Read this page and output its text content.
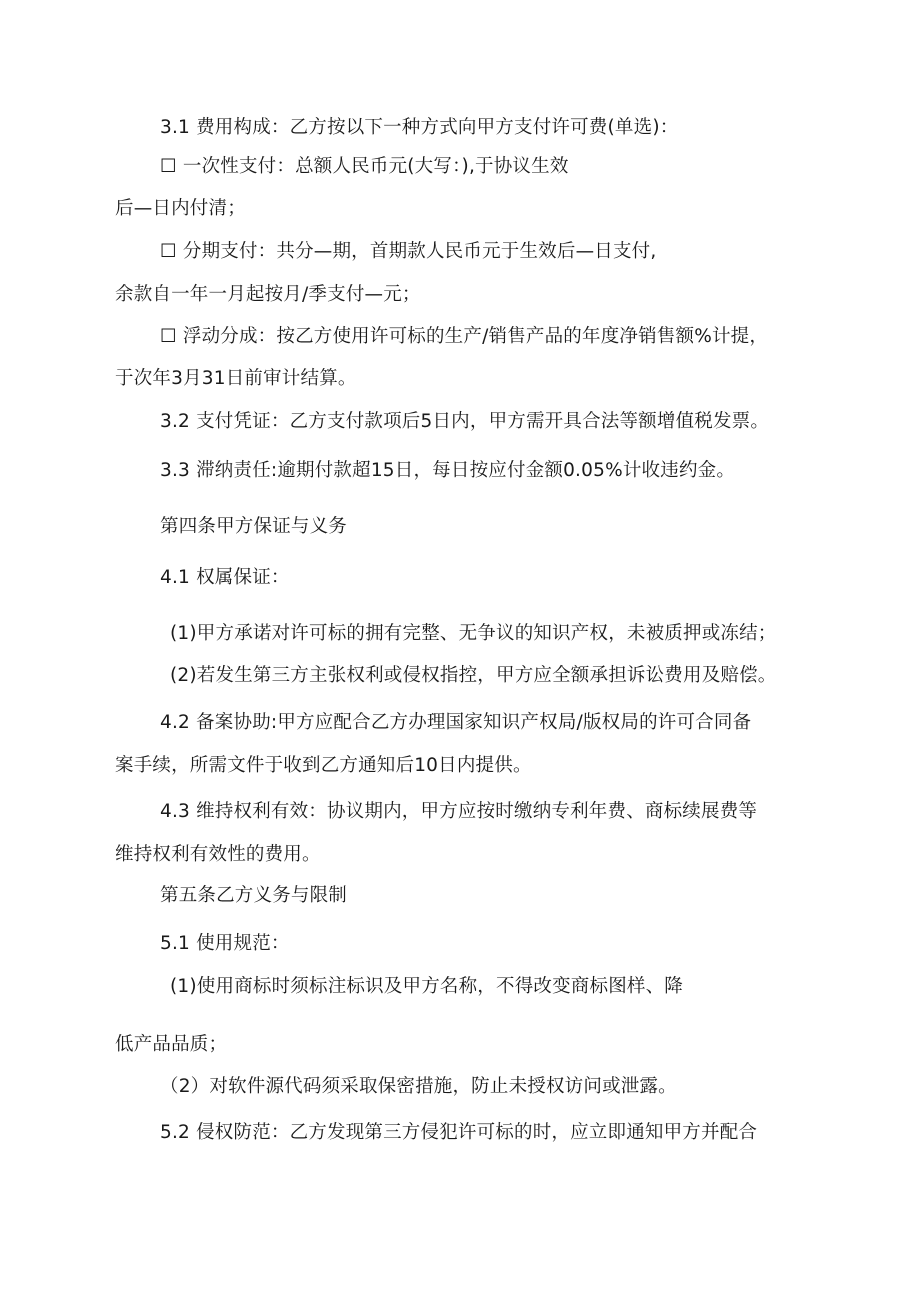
3.1 费用构成：乙方按以下一种方式向甲方支付许可费(单选)：
☐ 一次性支付：总额人民币元(大写：),于协议生效
后—日内付清；
☐ 分期支付：共分—期，首期款人民币元于生效后—日支付,
余款自一年一月起按月/季支付—元；
☐ 浮动分成：按乙方使用许可标的生产/销售产品的年度净销售额%计提，
于次年3月31日前审计结算。
3.2 支付凭证：乙方支付款项后5日内，甲方需开具合法等额增值税发票。
3.3 滞纳责任:逾期付款超15日，每日按应付金额0.05%计收违约金。
第四条甲方保证与义务
4.1 权属保证：
(1)甲方承诺对许可标的拥有完整、无争议的知识产权，未被质押或冻结；
(2)若发生第三方主张权利或侵权指控，甲方应全额承担诉讼费用及赔偿。
4.2 备案协助:甲方应配合乙方办理国家知识产权局/版权局的许可合同备
案手续，所需文件于收到乙方通知后10日内提供。
4.3 维持权利有效：协议期内，甲方应按时缴纳专利年费、商标续展费等
维持权利有效性的费用。
第五条乙方义务与限制
5.1 使用规范：
(1)使用商标时须标注标识及甲方名称，不得改变商标图样、降
低产品品质；
（2）对软件源代码须采取保密措施，防止未授权访问或泄露。
5.2 侵权防范：乙方发现第三方侵犯许可标的时，应立即通知甲方并配合
